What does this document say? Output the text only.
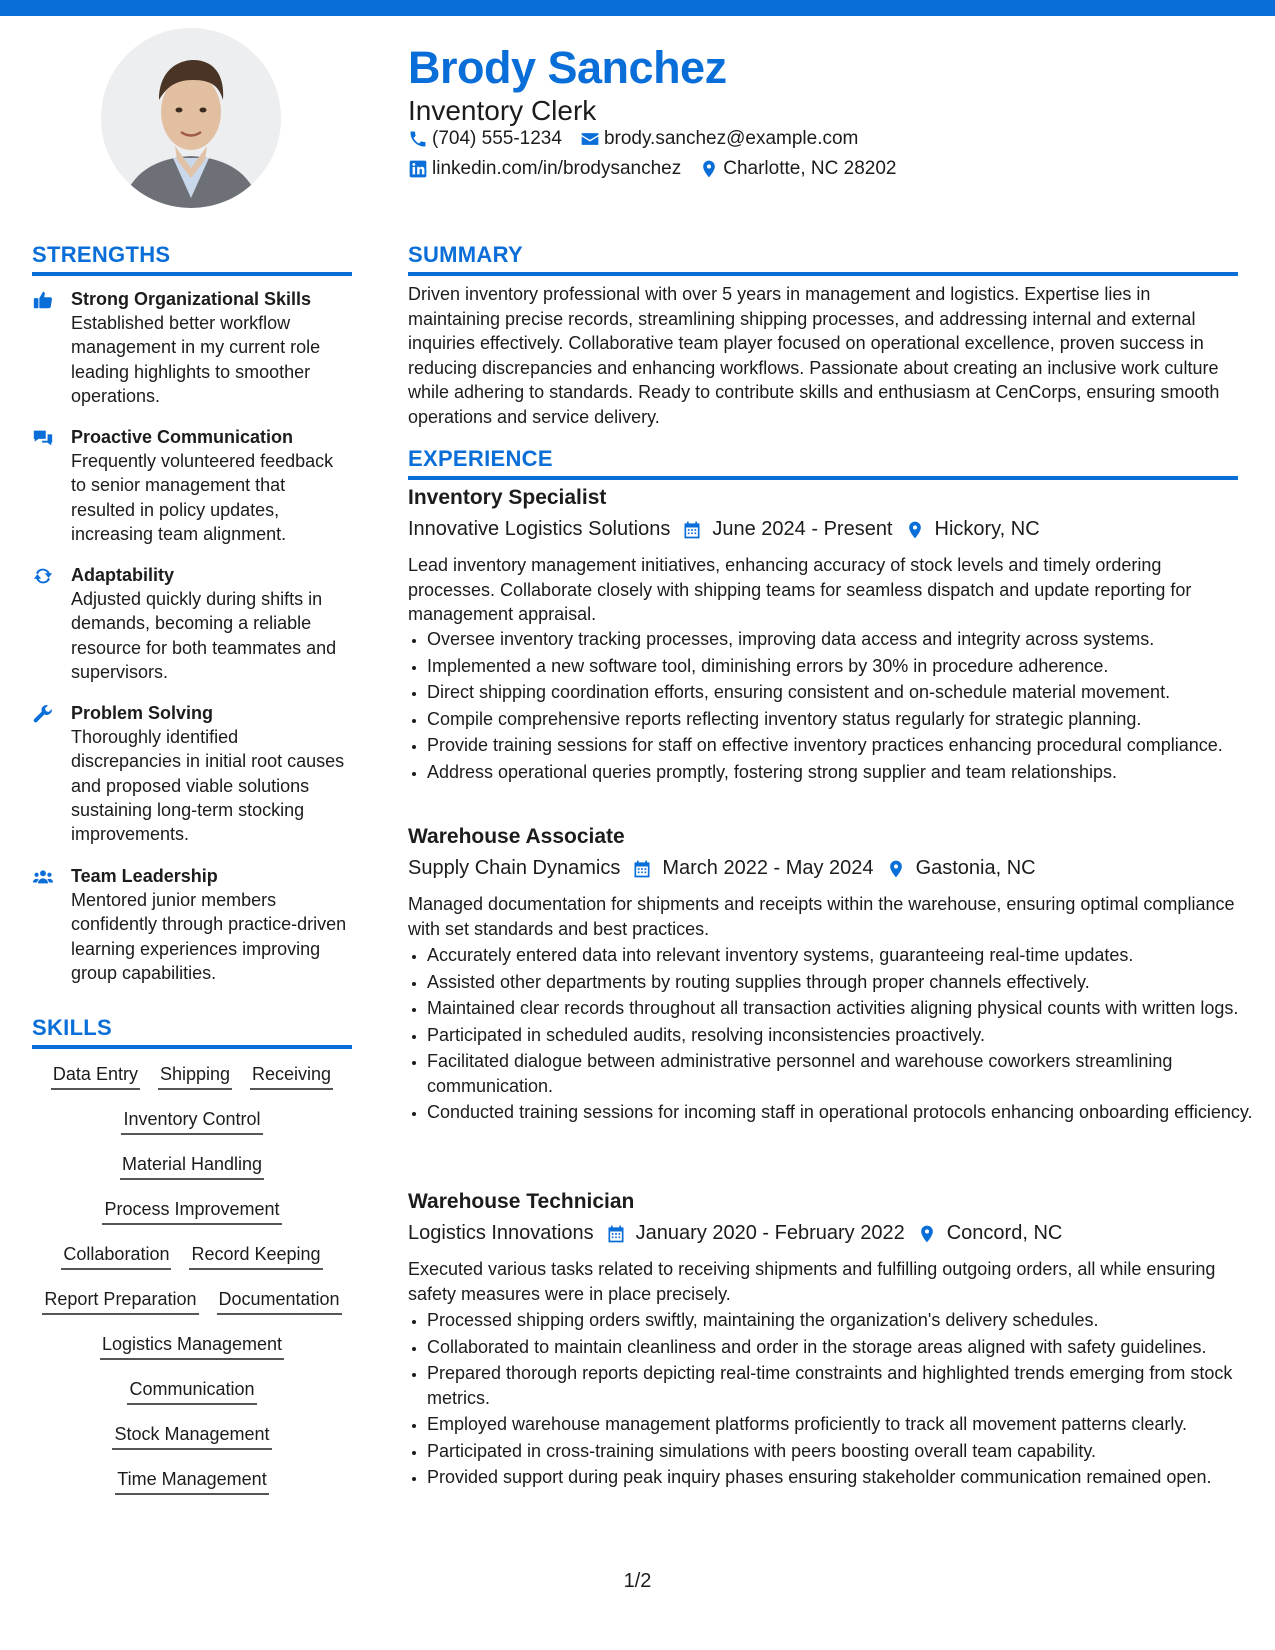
Brody Sanchez
Inventory Clerk
(704) 555-1234 brody.sanchez@example.com
linkedin.com/in/brodysanchez Charlotte, NC 28202
STRENGTHS
Strong Organizational Skills
Established better workflow management in my current role leading highlights to smoother operations.
Proactive Communication
Frequently volunteered feedback to senior management that resulted in policy updates, increasing team alignment.
Adaptability
Adjusted quickly during shifts in demands, becoming a reliable resource for both teammates and supervisors.
Problem Solving
Thoroughly identified discrepancies in initial root causes and proposed viable solutions sustaining long-term stocking improvements.
Team Leadership
Mentored junior members confidently through practice-driven learning experiences improving group capabilities.
SKILLS
Data Entry Shipping Receiving
Inventory Control
Material Handling
Process Improvement
Collaboration Record Keeping
Report Preparation Documentation
Logistics Management
Communication
Stock Management
Time Management
SUMMARY

Driven inventory professional with over 5 years in management and logistics. Expertise lies in maintaining precise records, streamlining shipping processes, and addressing internal and external inquiries effectively. Collaborative team player focused on operational excellence, proven success in reducing discrepancies and enhancing workflows. Passionate about creating an inclusive work culture while adhering to standards. Ready to contribute skills and enthusiasm at CenCorps, ensuring smooth operations and service delivery.

EXPERIENCE
Inventory Specialist
Innovative Logistics Solutions June 2024 - Present Hickory, NC

Lead inventory management initiatives, enhancing accuracy of stock levels and timely ordering processes. Collaborate closely with shipping teams for seamless dispatch and update reporting for management appraisal.

• Oversee inventory tracking processes, improving data access and integrity across systems.
• Implemented a new software tool, diminishing errors by 30% in procedure adherence.
• Direct shipping coordination efforts, ensuring consistent and on-schedule material movement.
• Compile comprehensive reports reflecting inventory status regularly for strategic planning.
• Provide training sessions for staff on effective inventory practices enhancing procedural compliance.
• Address operational queries promptly, fostering strong supplier and team relationships.
Warehouse Associate
Supply Chain Dynamics March 2022 - May 2024 Gastonia, NC

Managed documentation for shipments and receipts within the warehouse, ensuring optimal compliance with set standards and best practices.

• Accurately entered data into relevant inventory systems, guaranteeing real-time updates.
• Assisted other departments by routing supplies through proper channels effectively.
• Maintained clear records throughout all transaction activities aligning physical counts with written logs.
• Participated in scheduled audits, resolving inconsistencies proactively.
• Facilitated dialogue between administrative personnel and warehouse coworkers streamlining communication.
• Conducted training sessions for incoming staff in operational protocols enhancing onboarding efficiency.
Warehouse Technician
Logistics Innovations January 2020 - February 2022 Concord, NC

Executed various tasks related to receiving shipments and fulfilling outgoing orders, all while ensuring safety measures were in place precisely.

• Processed shipping orders swiftly, maintaining the organization's delivery schedules.
• Collaborated to maintain cleanliness and order in the storage areas aligned with safety guidelines.
• Prepared thorough reports depicting real-time constraints and highlighted trends emerging from stock metrics.
• Employed warehouse management platforms proficiently to track all movement patterns clearly.
• Participated in cross-training simulations with peers boosting overall team capability.
• Provided support during peak inquiry phases ensuring stakeholder communication remained open.
1/2
